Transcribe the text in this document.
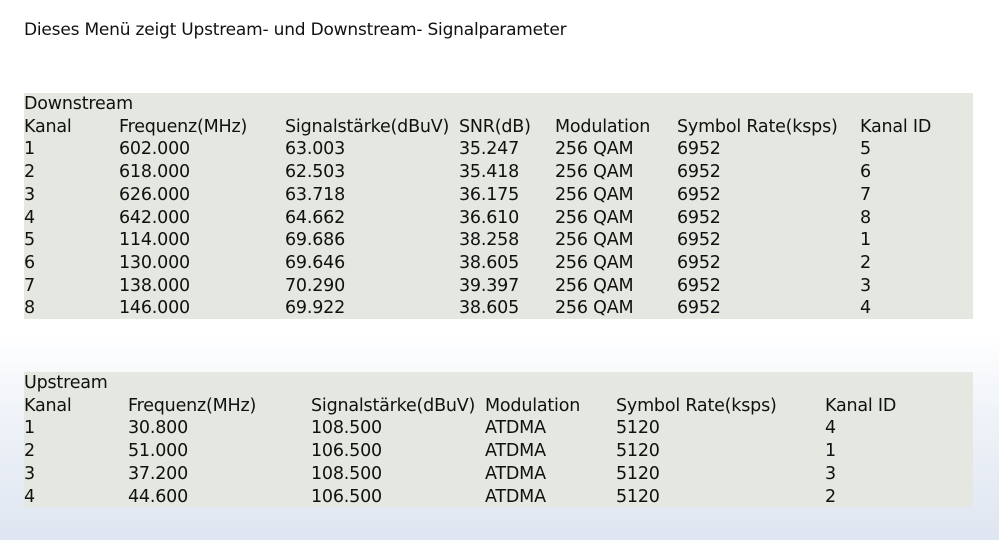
Dieses Menü zeigt Upstream- und Downstream- Signalparameter
Downstream						
Kanal	Frequenz(MHz)	Signalstärke(dBuV)	SNR(dB)	Modulation	Symbol Rate(ksps)	Kanal ID
1	602.000	63.003	35.247	256 QAM	6952	5
2	618.000	62.503	35.418	256 QAM	6952	6
3	626.000	63.718	36.175	256 QAM	6952	7
4	642.000	64.662	36.610	256 QAM	6952	8
5	114.000	69.686	38.258	256 QAM	6952	1
6	130.000	69.646	38.605	256 QAM	6952	2
7	138.000	70.290	39.397	256 QAM	6952	3
8	146.000	69.922	38.605	256 QAM	6952	4
Upstream					
Kanal	Frequenz(MHz)	Signalstärke(dBuV)	Modulation	Symbol Rate(ksps)	Kanal ID
1	30.800	108.500	ATDMA	5120	4
2	51.000	106.500	ATDMA	5120	1
3	37.200	108.500	ATDMA	5120	3
4	44.600	106.500	ATDMA	5120	2
